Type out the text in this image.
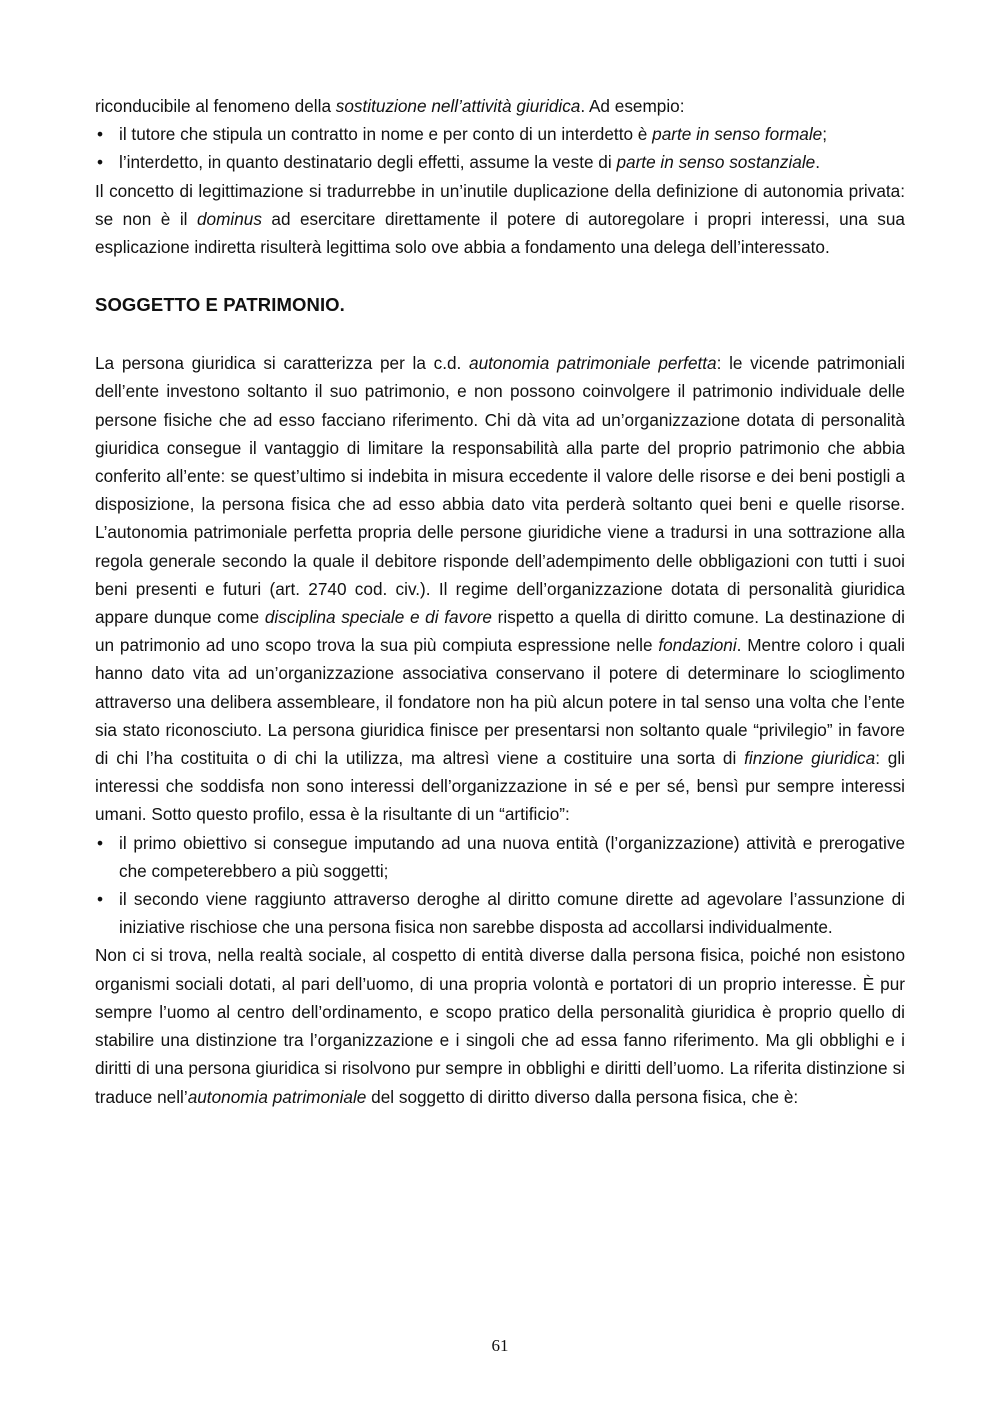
riconducibile al fenomeno della sostituzione nell’attività giuridica. Ad esempio:

• il tutore che stipula un contratto in nome e per conto di un interdetto è parte in senso formale;
• l’interdetto, in quanto destinatario degli effetti, assume la veste di parte in senso sostanziale.

Il concetto di legittimazione si tradurrebbe in un’inutile duplicazione della definizione di autonomia privata: se non è il dominus ad esercitare direttamente il potere di autoregolare i propri interessi, una sua esplicazione indiretta risulterà legittima solo ove abbia a fondamento una delega dell’interessato.

SOGGETTO E PATRIMONIO.

La persona giuridica si caratterizza per la c.d. autonomia patrimoniale perfetta: le vicende patrimoniali dell’ente investono soltanto il suo patrimonio, e non possono coinvolgere il patrimonio individuale delle persone fisiche che ad esso facciano riferimento. Chi dà vita ad un’organizzazione dotata di personalità giuridica consegue il vantaggio di limitare la responsabilità alla parte del proprio patrimonio che abbia conferito all’ente: se quest’ultimo si indebita in misura eccedente il valore delle risorse e dei beni postigli a disposizione, la persona fisica che ad esso abbia dato vita perderà soltanto quei beni e quelle risorse. L’autonomia patrimoniale perfetta propria delle persone giuridiche viene a tradursi in una sottrazione alla regola generale secondo la quale il debitore risponde dell’adempimento delle obbligazioni con tutti i suoi beni presenti e futuri (art. 2740 cod. civ.). Il regime dell’organizzazione dotata di personalità giuridica appare dunque come disciplina speciale e di favore rispetto a quella di diritto comune. La destinazione di un patrimonio ad uno scopo trova la sua più compiuta espressione nelle fondazioni. Mentre coloro i quali hanno dato vita ad un’organizzazione associativa conservano il potere di determinare lo scioglimento attraverso una delibera assembleare, il fondatore non ha più alcun potere in tal senso una volta che l’ente sia stato riconosciuto. La persona giuridica finisce per presentarsi non soltanto quale “privilegio” in favore di chi l’ha costituita o di chi la utilizza, ma altresì viene a costituire una sorta di finzione giuridica: gli interessi che soddisfa non sono interessi dell’organizzazione in sé e per sé, bensì pur sempre interessi umani. Sotto questo profilo, essa è la risultante di un “artificio”:

• il primo obiettivo si consegue imputando ad una nuova entità (l’organizzazione) attività e prerogative che competerebbero a più soggetti;
• il secondo viene raggiunto attraverso deroghe al diritto comune dirette ad agevolare l’assunzione di iniziative rischiose che una persona fisica non sarebbe disposta ad accollarsi individualmente.

Non ci si trova, nella realtà sociale, al cospetto di entità diverse dalla persona fisica, poiché non esistono organismi sociali dotati, al pari dell’uomo, di una propria volontà e portatori di un proprio interesse. È pur sempre l’uomo al centro dell’ordinamento, e scopo pratico della personalità giuridica è proprio quello di stabilire una distinzione tra l’organizzazione e i singoli che ad essa fanno riferimento. Ma gli obblighi e i diritti di una persona giuridica si risolvono pur sempre in obblighi e diritti dell’uomo. La riferita distinzione si traduce nell’autonomia patrimoniale del soggetto di diritto diverso dalla persona fisica, che è:

61
